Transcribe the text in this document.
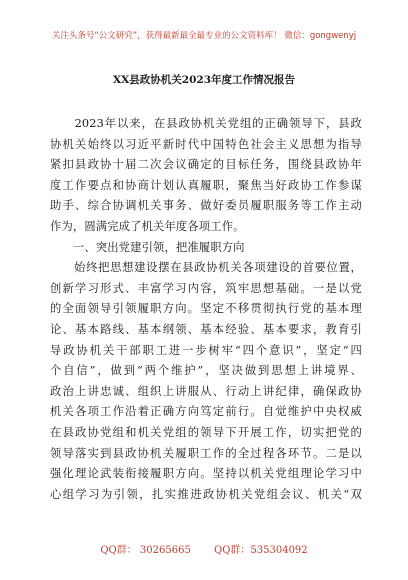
关注头条号“公文研究”，获得最新最全最专业的公文资料库！ 微信：gongwenyj
XX县政协机关2023年度工作情况报告
　　2023年以来，在县政协机关党组的正确领导下，县政
协机关始终以习近平新时代中国特色社会主义思想为指导
紧扣县政协十届二次会议确定的目标任务，围绕县政协年
度工作要点和协商计划认真履职，聚焦当好政协工作参谋
助手、综合协调机关事务、做好委员履职服务等工作主动
作为，圆满完成了机关年度各项工作。
　　一、突出党建引领，把准履职方向
　　始终把思想建设摆在县政协机关各项建设的首要位置，
创新学习形式、丰富学习内容，筑牢思想基础。一是以党
的全面领导引领履职方向。坚定不移贯彻执行党的基本理
论、基本路线、基本纲领、基本经验、基本要求，教育引
导政协机关干部职工进一步树牢“四个意识”，坚定“四
个自信”，做到“两个维护”，坚决做到思想上讲境界、
政治上讲忠诚、组织上讲服从、行动上讲纪律，确保政协
机关各项工作沿着正确方向笃定前行。自觉维护中央权威
在县政协党组和机关党组的领导下开展工作，切实把党的
领导落实到县政协机关履职工作的全过程各环节。二是以
强化理论武装衔接履职方向。坚持以机关党组理论学习中
心组学习为引领，扎实推进政协机关党组会议、机关“双
QQ群： 30265665 QQ群：535304092
